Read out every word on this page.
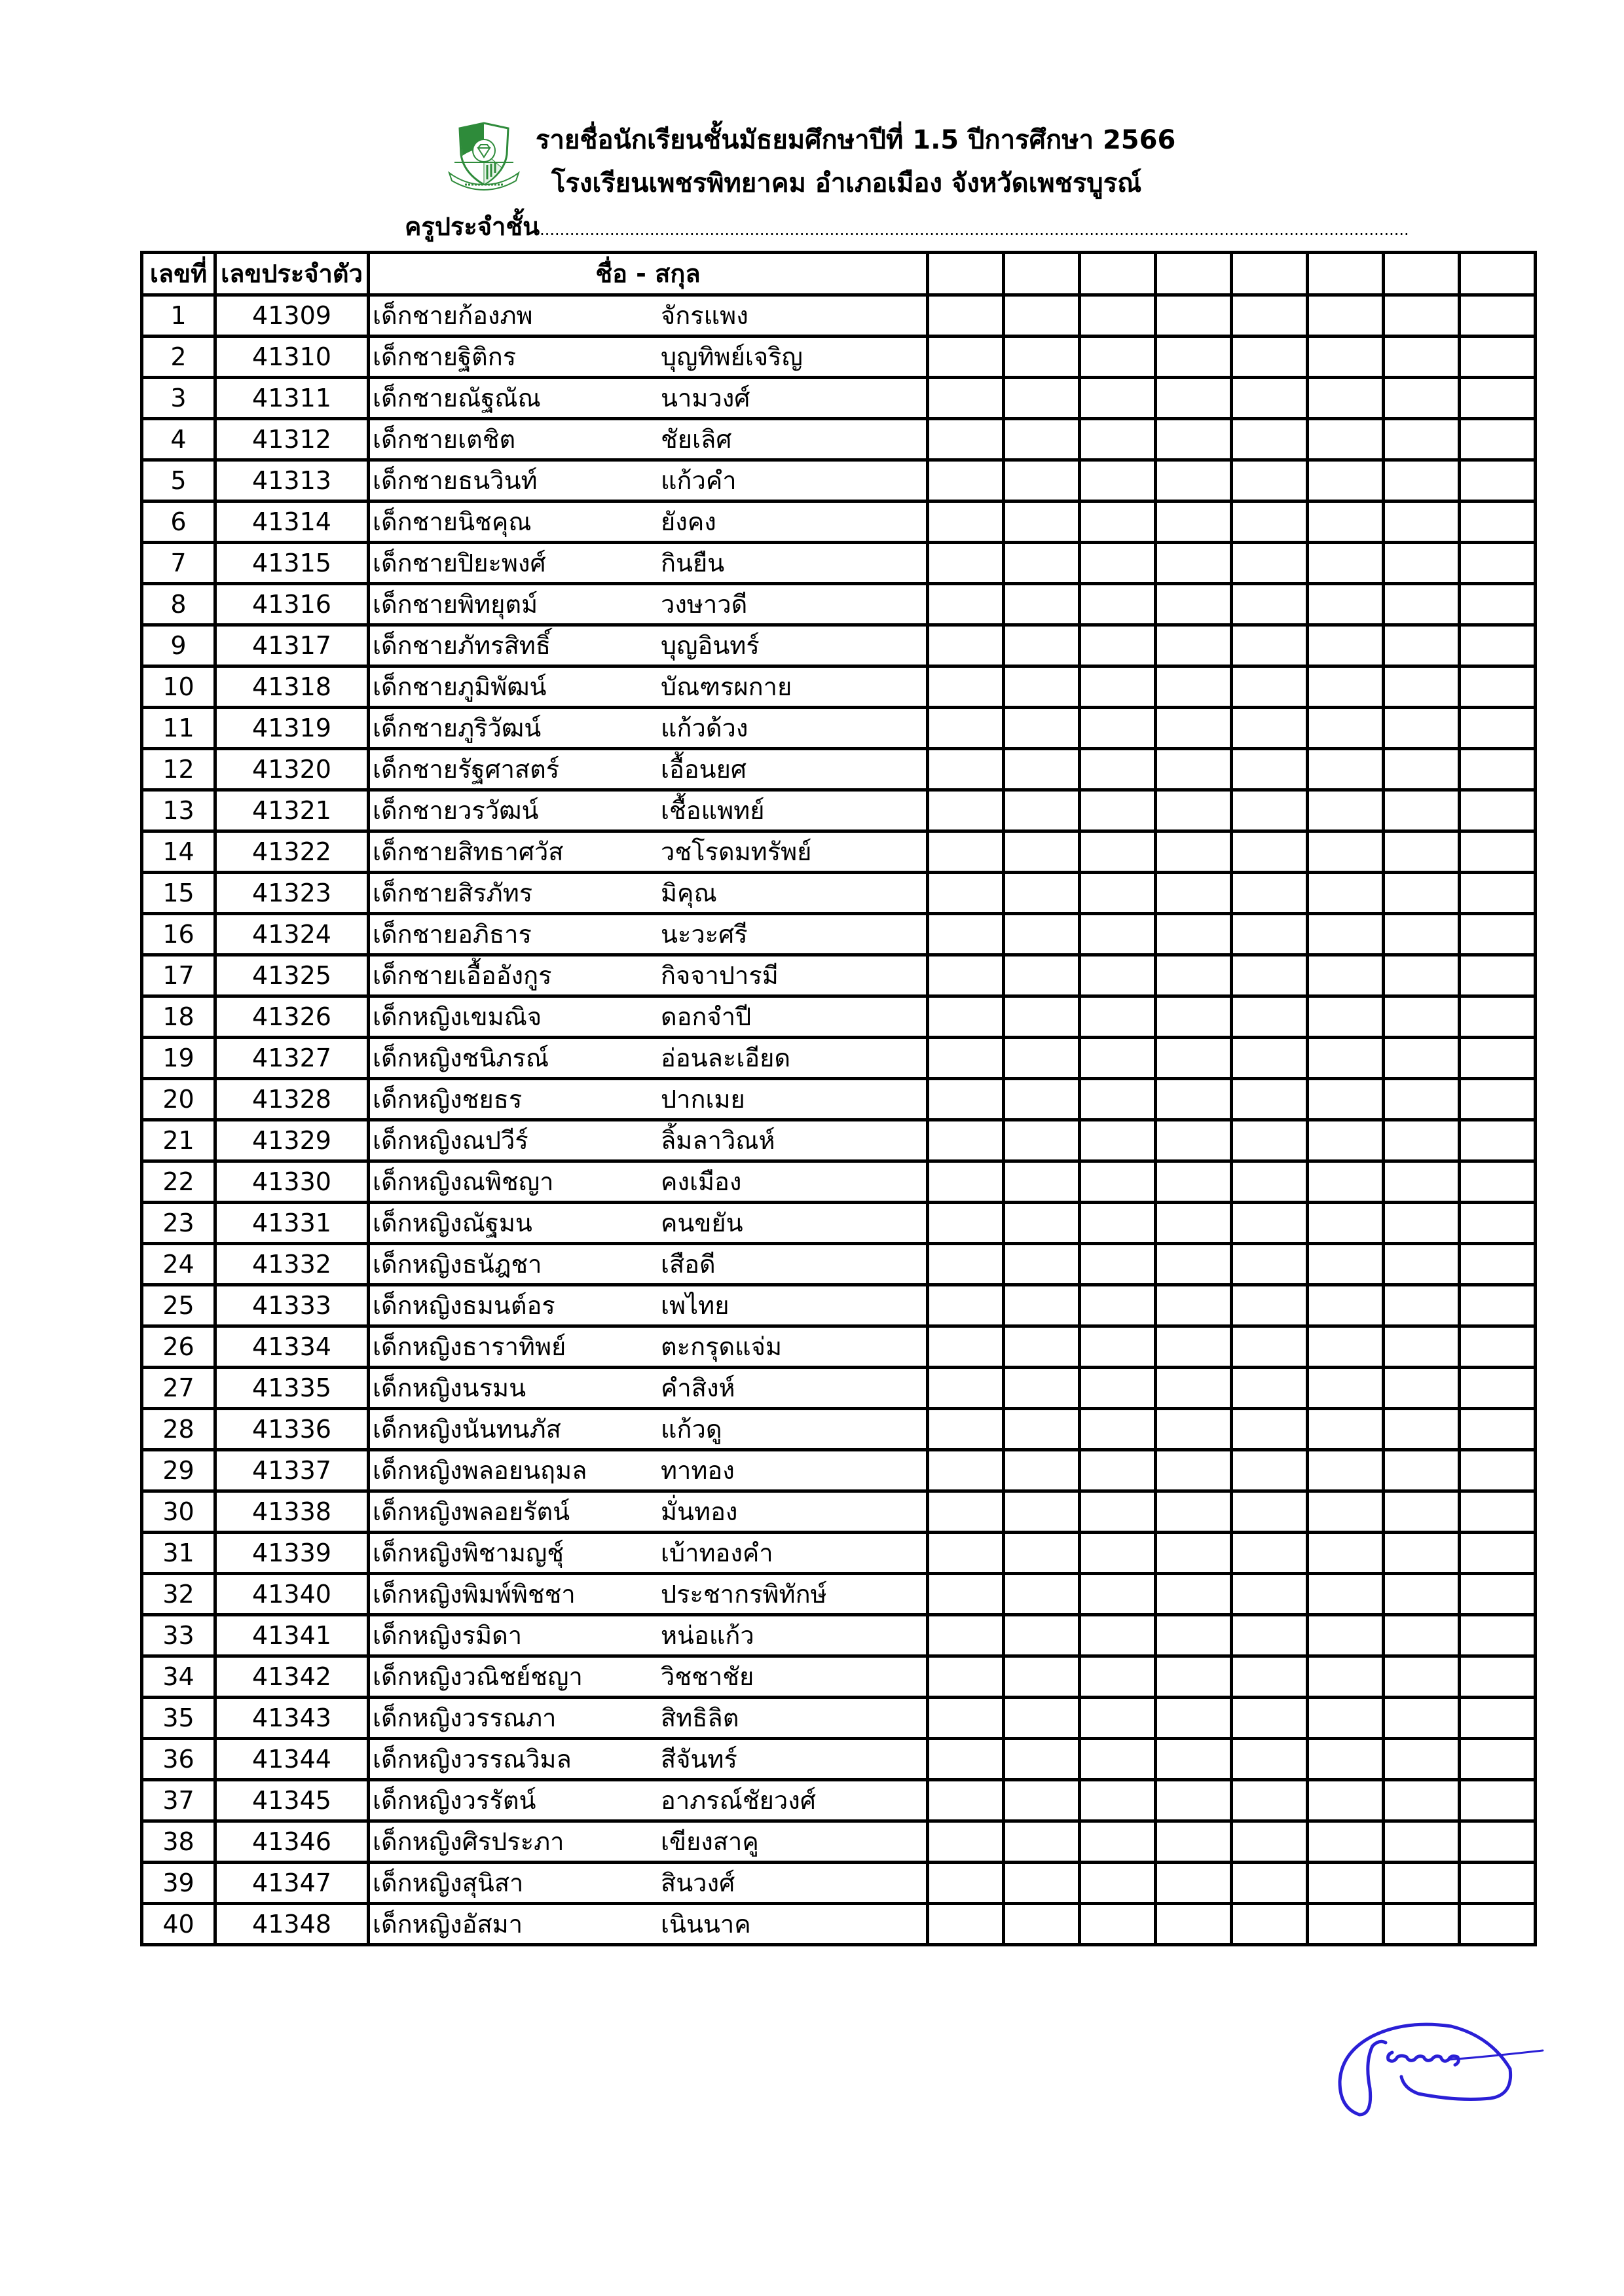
รายชื่อนักเรียนชั้นมัธยมศึกษาปีที่ 1.5 ปีการศึกษา 2566
โรงเรียนเพชรพิทยาคม อำเภอเมือง จังหวัดเพชรบูรณ์
ครูประจำชั้น..............................................................................................................................................................................
เลขที่	เลขประจำตัว	ชื่อ - สกุล								
1	41309	เด็กชายก้องภพ จักรแพง								
2	41310	เด็กชายฐิติกร บุญทิพย์เจริญ								
3	41311	เด็กชายณัฐณัณ นามวงศ์								
4	41312	เด็กชายเตชิต ชัยเลิศ								
5	41313	เด็กชายธนวินท์ แก้วคำ								
6	41314	เด็กชายนิชคุณ ยังคง								
7	41315	เด็กชายปิยะพงศ์ กินยืน								
8	41316	เด็กชายพิทยุตม์ วงษาวดี								
9	41317	เด็กชายภัทรสิทธิ์ บุญอินทร์								
10	41318	เด็กชายภูมิพัฒน์ บัณฑรผกาย								
11	41319	เด็กชายภูริวัฒน์ แก้วด้วง								
12	41320	เด็กชายรัฐศาสตร์ เอื้อนยศ								
13	41321	เด็กชายวรวัฒน์ เชื้อแพทย์								
14	41322	เด็กชายสิทธาศวัส วชโรดมทรัพย์								
15	41323	เด็กชายสิรภัทร มิคุณ								
16	41324	เด็กชายอภิธาร นะวะศรี								
17	41325	เด็กชายเอื้ออังกูร กิจจาปารมี								
18	41326	เด็กหญิงเขมณิจ ดอกจำปี								
19	41327	เด็กหญิงชนิภรณ์ อ่อนละเอียด								
20	41328	เด็กหญิงชยธร ปากเมย								
21	41329	เด็กหญิงณปวีร์ ลิ้มลาวิณห์								
22	41330	เด็กหญิงณพิชญา คงเมือง								
23	41331	เด็กหญิงณัฐมน คนขยัน								
24	41332	เด็กหญิงธนัฎชา เสือดี								
25	41333	เด็กหญิงธมนต์อร เพไทย								
26	41334	เด็กหญิงธาราทิพย์ ตะกรุดแจ่ม								
27	41335	เด็กหญิงนรมน คำสิงห์								
28	41336	เด็กหญิงนันทนภัส แก้วดู								
29	41337	เด็กหญิงพลอยนฤมล ทาทอง								
30	41338	เด็กหญิงพลอยรัตน์ มั่นทอง								
31	41339	เด็กหญิงพิชามญชุ์ เบ้าทองคำ								
32	41340	เด็กหญิงพิมพ์พิชชา ประชากรพิทักษ์								
33	41341	เด็กหญิงรมิดา หน่อแก้ว								
34	41342	เด็กหญิงวณิชย์ชญา วิชชาชัย								
35	41343	เด็กหญิงวรรณภา สิทธิลิต								
36	41344	เด็กหญิงวรรณวิมล สีจันทร์								
37	41345	เด็กหญิงวรรัตน์ อาภรณ์ชัยวงศ์								
38	41346	เด็กหญิงศิรประภา เขียงสาคู								
39	41347	เด็กหญิงสุนิสา สินวงศ์								
40	41348	เด็กหญิงอัสมา เนินนาค								
